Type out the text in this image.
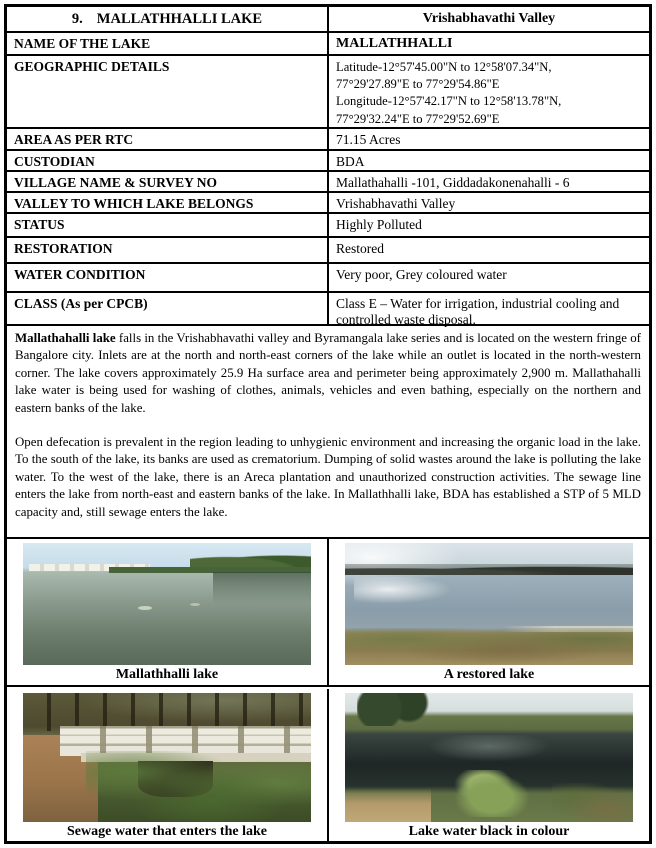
9. MALLATHHALLI LAKE	Vrishabhavathi Valley
NAME OF THE LAKE	MALLATHHALLI
GEOGRAPHIC DETAILS	Latitude-12°57'45.00"N to 12°58'07.34"N,
77°29'27.89"E to 77°29'54.86"E
Longitude-12°57'42.17"N to 12°58'13.78"N,
77°29'32.24"E to 77°29'52.69"E
AREA AS PER RTC	71.15 Acres
CUSTODIAN	BDA
VILLAGE NAME & SURVEY NO	Mallathahalli -101, Giddadakonenahalli - 6
VALLEY TO WHICH LAKE BELONGS	Vrishabhavathi Valley
STATUS	Highly Polluted
RESTORATION	Restored
WATER CONDITION	Very poor, Grey coloured water
CLASS (As per CPCB)	Class E – Water for irrigation, industrial cooling and controlled waste disposal.

Mallathahalli lake falls in the Vrishabhavathi valley and Byramangala lake series and is located on the western fringe of Bangalore city. Inlets are at the north and north-east corners of the lake while an outlet is located in the north-western corner. The lake covers approximately 25.9 Ha surface area and perimeter being approximately 2,900 m. Mallathahalli lake water is being used for washing of clothes, animals, vehicles and even bathing, especially on the northern and eastern banks of the lake.

Open defecation is prevalent in the region leading to unhygienic environment and increasing the organic load in the lake. To the south of the lake, its banks are used as crematorium. Dumping of solid wastes around the lake is polluting the lake water. To the west of the lake, there is an Areca plantation and unauthorized construction activities. The sewage line enters the lake from north-east and eastern banks of the lake. In Mallathhalli lake, BDA has established a STP of 5 MLD capacity and, still sewage enters the lake.

Mallathhalli lake	A restored lake
Sewage water that enters the lake	Lake water black in colour
